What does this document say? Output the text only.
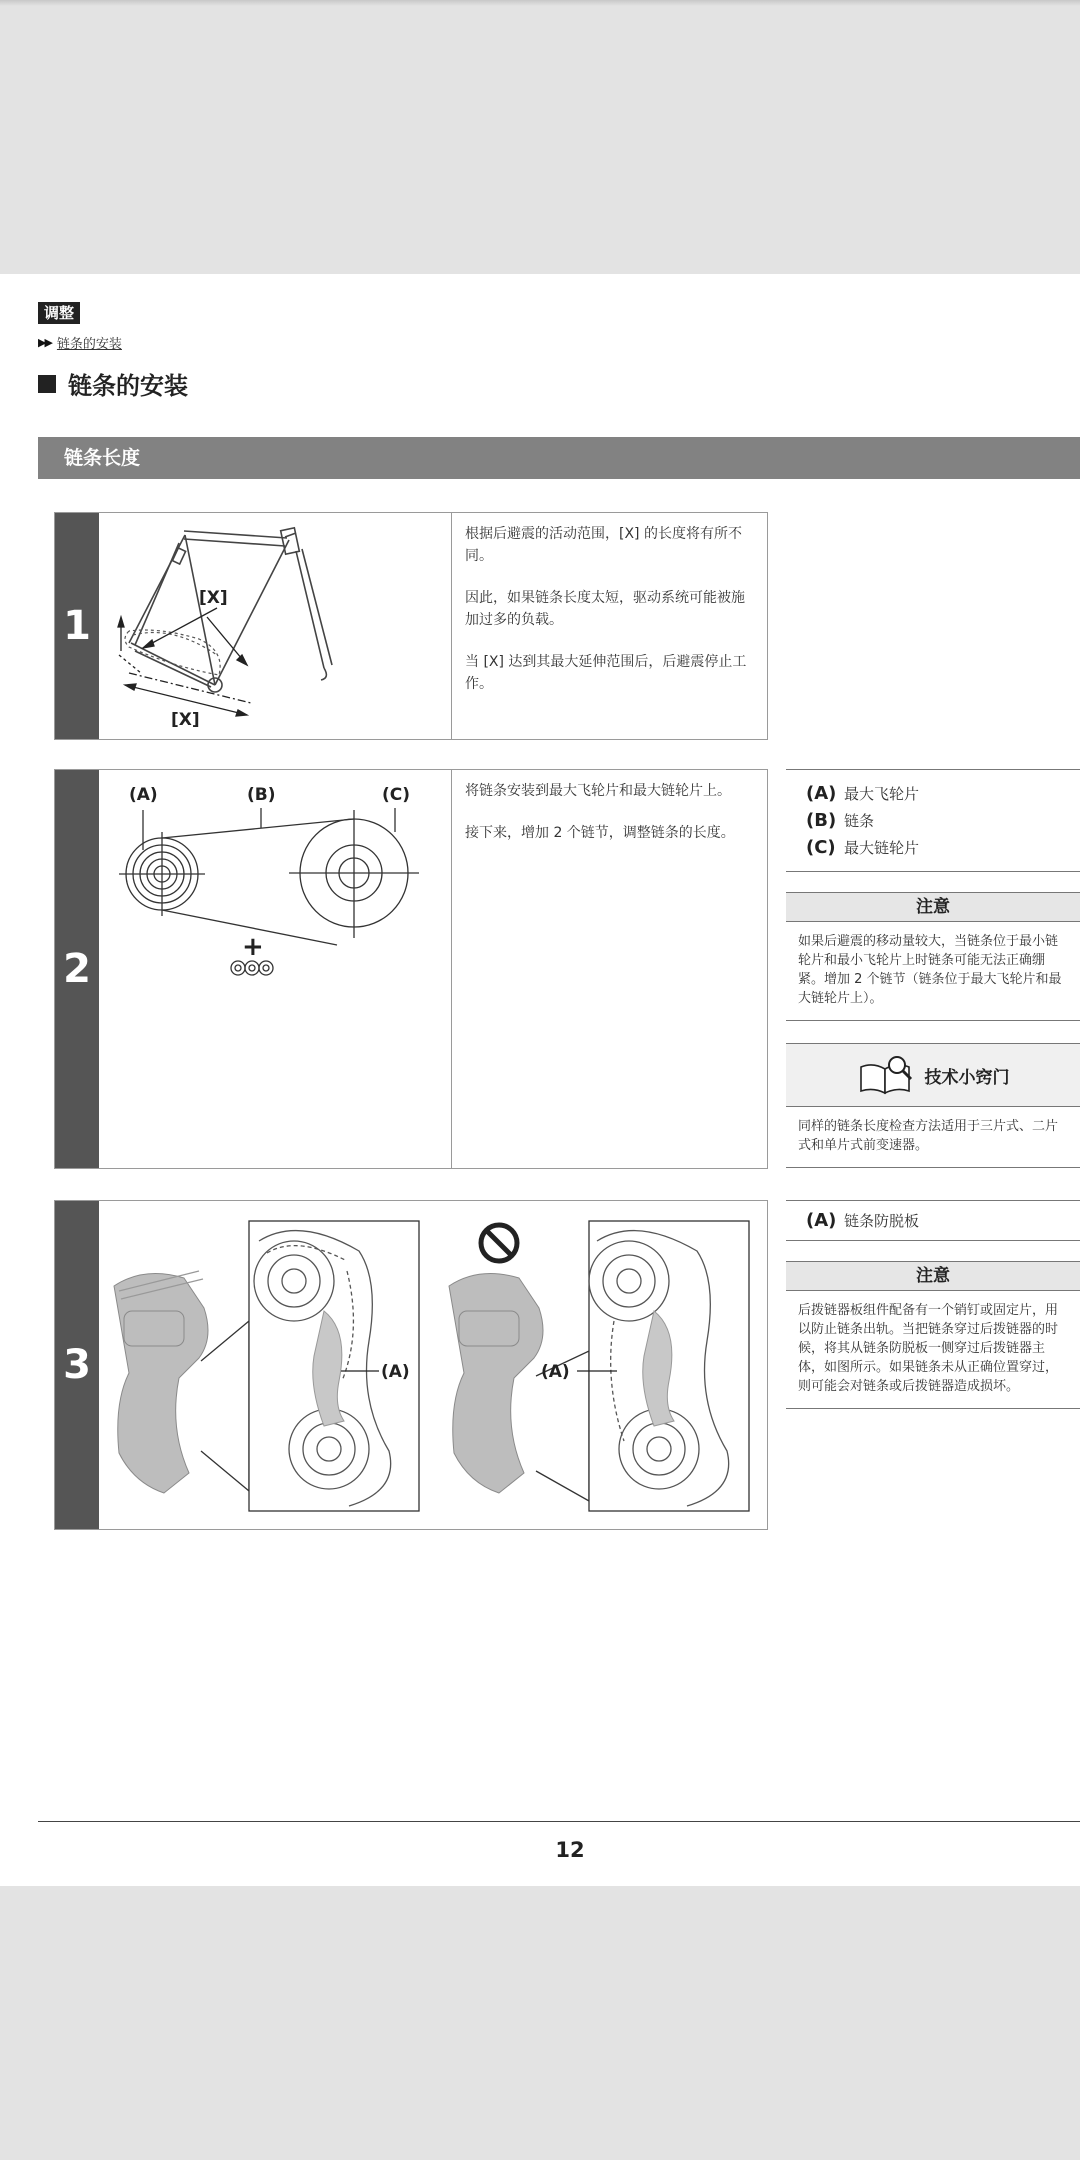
调整
▶▶ 链条的安装
链条的安装
链条长度
1
[X]
[X]

根据后避震的活动范围，[X] 的长度将有所不同。

因此，如果链条长度太短，驱动系统可能被施加过多的负载。

当 [X] 达到其最大延伸范围后，后避震停止工作。

2
(A)	(B)	(C)
+

将链条安装到最大飞轮片和最大链轮片上。

接下来，增加 2 个链节，调整链条的长度。

3	(A)	(A)
(A) 最大飞轮片
(B) 链条
(C) 最大链轮片
注意
如果后避震的移动量较大，当链条位于最小链轮片和最小飞轮片上时链条可能无法正确绷紧。增加 2 个链节（链条位于最大飞轮片和最大链轮片上）。
技术小窍门
同样的链条长度检查方法适用于三片式、二片式和单片式前变速器。
(A) 链条防脱板
注意
后拨链器板组件配备有一个销钉或固定片，用以防止链条出轨。当把链条穿过后拨链器的时候，将其从链条防脱板一侧穿过后拨链器主体，如图所示。如果链条未从正确位置穿过，则可能会对链条或后拨链器造成损坏。
12
